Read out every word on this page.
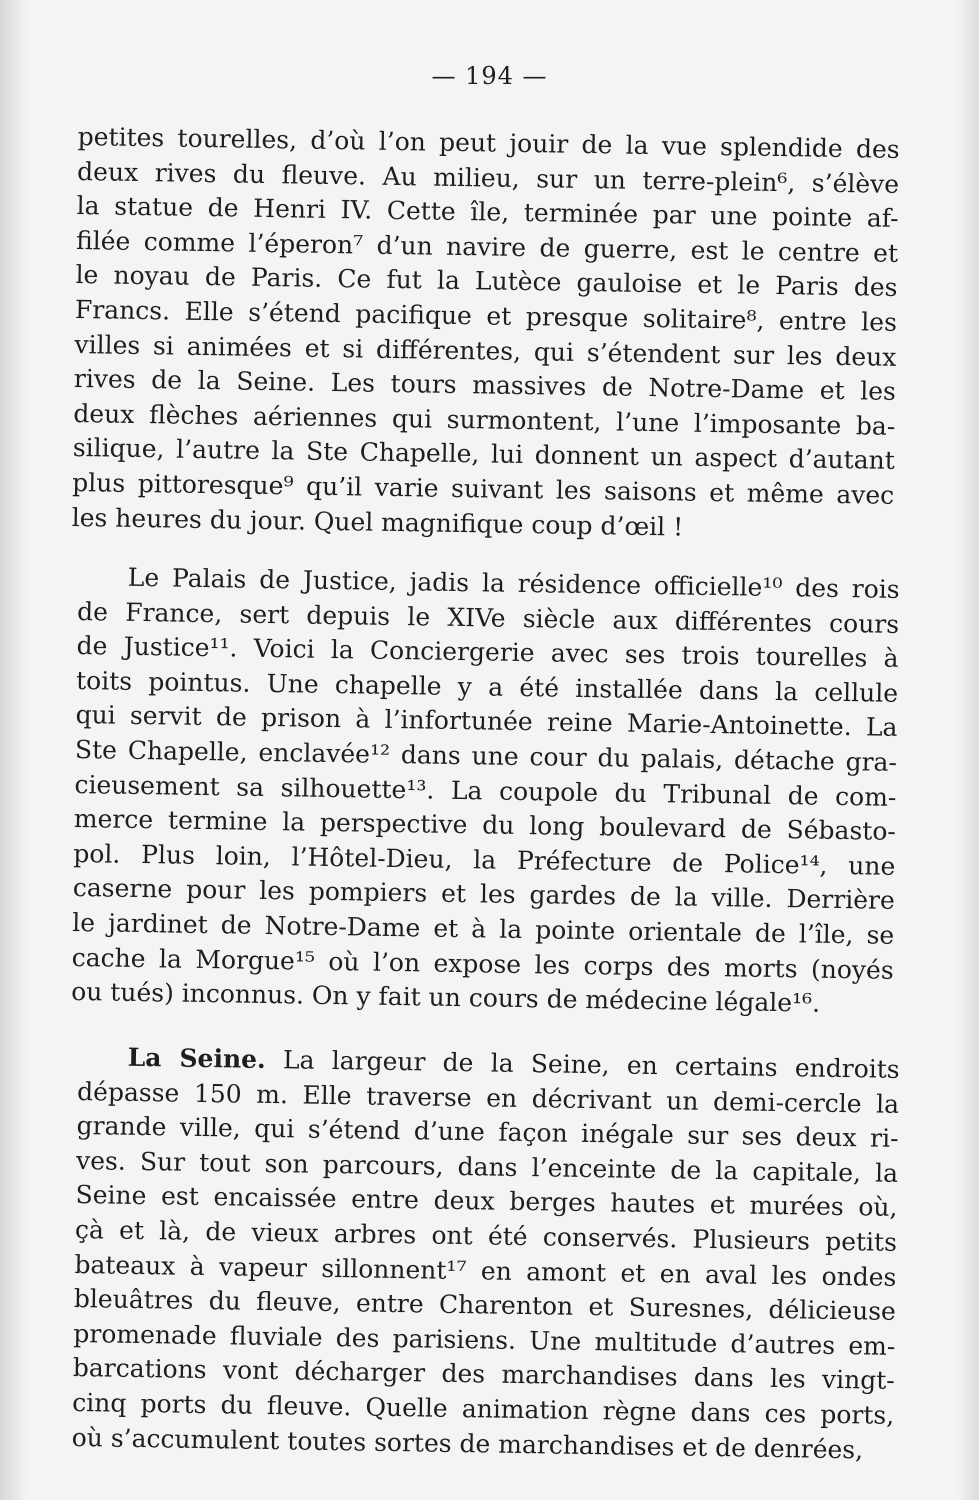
— 194 —
petites tourelles, d’où l’on peut jouir de la vue splendide des
deux rives du fleuve. Au milieu, sur un terre-plein⁶, s’élève
la statue de Henri IV. Cette île, terminée par une pointe af-
filée comme l’éperon⁷ d’un navire de guerre, est le centre et
le noyau de Paris. Ce fut la Lutèce gauloise et le Paris des
Francs. Elle s’étend pacifique et presque solitaire⁸, entre les
villes si animées et si différentes, qui s’étendent sur les deux
rives de la Seine. Les tours massives de Notre-Dame et les
deux flèches aériennes qui surmontent, l’une l’imposante ba-
silique, l’autre la Ste Chapelle, lui donnent un aspect d’autant
plus pittoresque⁹ qu’il varie suivant les saisons et même avec
les heures du jour. Quel magnifique coup d’œil !
Le Palais de Justice, jadis la résidence officielle¹⁰ des rois
de France, sert depuis le XIVe siècle aux différentes cours
de Justice¹¹. Voici la Conciergerie avec ses trois tourelles à
toits pointus. Une chapelle y a été installée dans la cellule
qui servit de prison à l’infortunée reine Marie-Antoinette. La
Ste Chapelle, enclavée¹² dans une cour du palais, détache gra-
cieusement sa silhouette¹³. La coupole du Tribunal de com-
merce termine la perspective du long boulevard de Sébasto-
pol. Plus loin, l’Hôtel-Dieu, la Préfecture de Police¹⁴, une
caserne pour les pompiers et les gardes de la ville. Derrière
le jardinet de Notre-Dame et à la pointe orientale de l’île, se
cache la Morgue¹⁵ où l’on expose les corps des morts (noyés
ou tués) inconnus. On y fait un cours de médecine légale¹⁶.
La Seine. La largeur de la Seine, en certains endroits
dépasse 150 m. Elle traverse en décrivant un demi-cercle la
grande ville, qui s’étend d’une façon inégale sur ses deux ri-
ves. Sur tout son parcours, dans l’enceinte de la capitale, la
Seine est encaissée entre deux berges hautes et murées où,
çà et là, de vieux arbres ont été conservés. Plusieurs petits
bateaux à vapeur sillonnent¹⁷ en amont et en aval les ondes
bleuâtres du fleuve, entre Charenton et Suresnes, délicieuse
promenade fluviale des parisiens. Une multitude d’autres em-
barcations vont décharger des marchandises dans les vingt-
cinq ports du fleuve. Quelle animation règne dans ces ports,
où s’accumulent toutes sortes de marchandises et de denrées,
